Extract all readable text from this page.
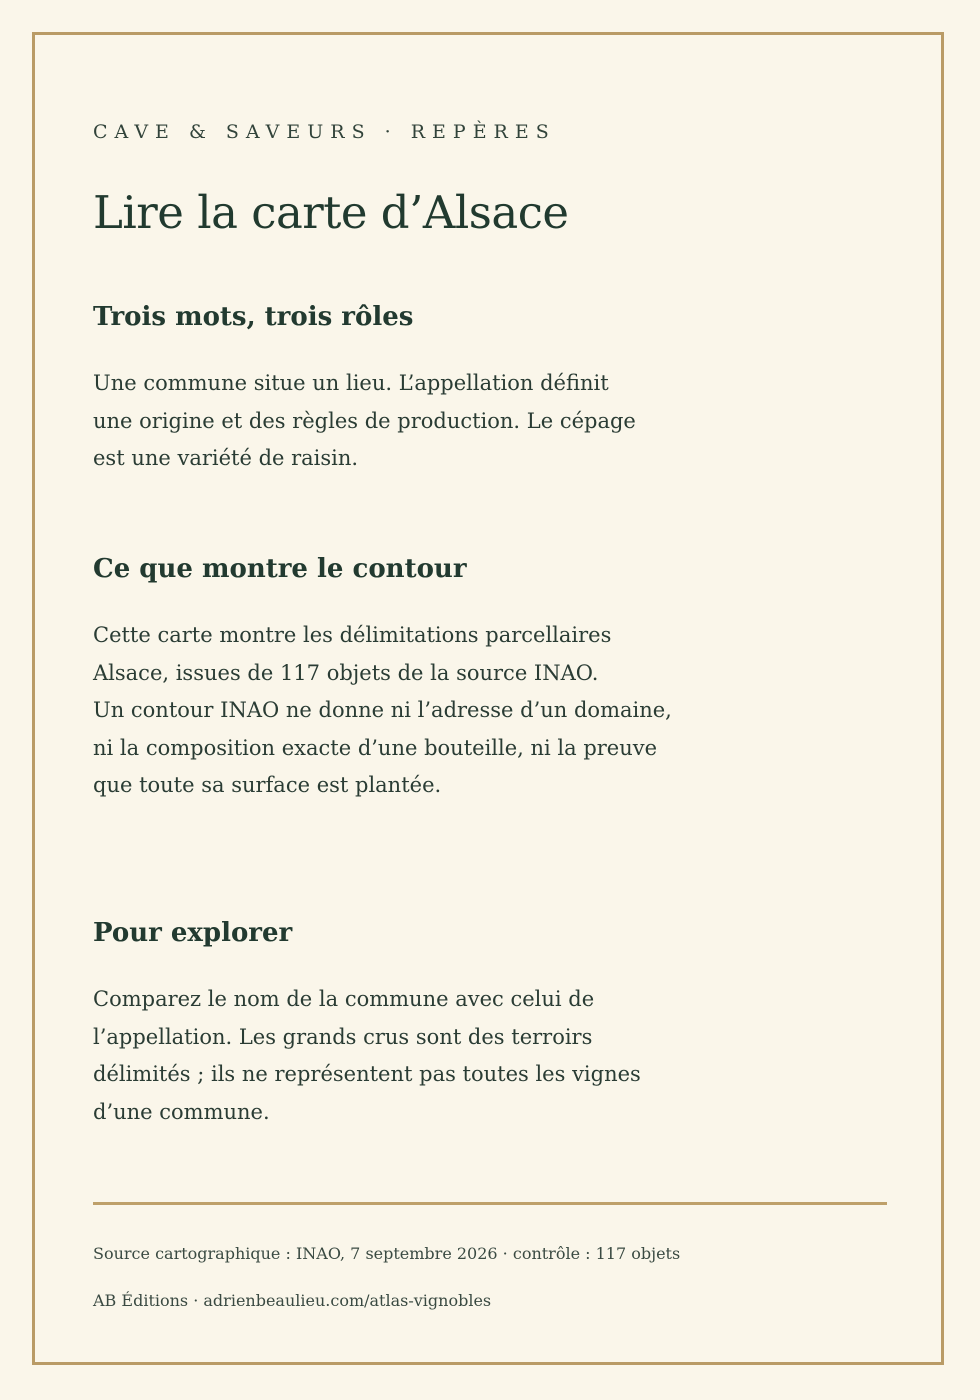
CAVE & SAVEURS · REPÈRES
Lire la carte d’Alsace
Trois mots, trois rôles

Une commune situe un lieu. L’appellation définit
une origine et des règles de production. Le cépage
est une variété de raisin.

Ce que montre le contour

Cette carte montre les délimitations parcellaires
Alsace, issues de 117 objets de la source INAO.
Un contour INAO ne donne ni l’adresse d’un domaine,
ni la composition exacte d’une bouteille, ni la preuve
que toute sa surface est plantée.

Pour explorer

Comparez le nom de la commune avec celui de
l’appellation. Les grands crus sont des terroirs
délimités ; ils ne représentent pas toutes les vignes
d’une commune.

Source cartographique : INAO, 7 septembre 2026 · contrôle : 117 objets
AB Éditions · adrienbeaulieu.com/atlas-vignobles
